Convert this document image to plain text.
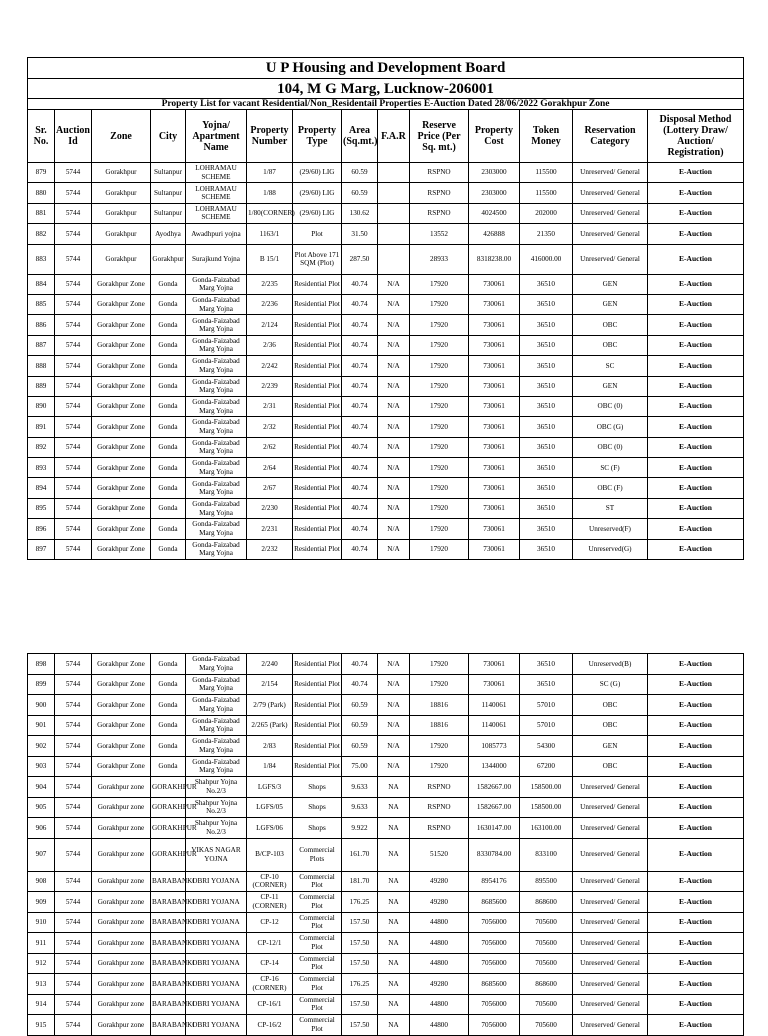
U P Housing and Development Board													
104, M G Marg, Lucknow-206001													
Property List for vacant Residential/Non_Residentail Properties E-Auction Dated 28/06/2022 Gorakhpur Zone													
Sr. No.	Auction Id	Zone	City	Yojna/ Apartment Name	Property Number	Property Type	Area (Sq.mt.)	F.A.R	Reserve Price (Per Sq. mt.)	Property Cost	Token Money	Reservation Category	Disposal Method (Lottery Draw/ Auction/ Registration)
879	5744	Gorakhpur	Sultanpur	LOHRAMAU SCHEME	1/87	(29/60) LIG	60.59		RSPNO	2303000	115500	Unreserved/ General	E-Auction
880	5744	Gorakhpur	Sultanpur	LOHRAMAU SCHEME	1/88	(29/60) LIG	60.59		RSPNO	2303000	115500	Unreserved/ General	E-Auction
881	5744	Gorakhpur	Sultanpur	LOHRAMAU SCHEME	1/80(CORNER)	(29/60) LIG	130.62		RSPNO	4024500	202000	Unreserved/ General	E-Auction
882	5744	Gorakhpur	Ayodhya	Awadhpuri yojna	1163/1	Plot	31.50		13552	426888	21350	Unreserved/ General	E-Auction
883	5744	Gorakhpur	Gorakhpur	Surajkund Yojna	B 15/1	Plot Above 171 SQM (Plot)	287.50		28933	8318238.00	416000.00	Unreserved/ General	E-Auction
884	5744	Gorakhpur Zone	Gonda	Gonda-Faizabad Marg Yojna	2/235	Residential Plot	40.74	N/A	17920	730061	36510	GEN	E-Auction
885	5744	Gorakhpur Zone	Gonda	Gonda-Faizabad Marg Yojna	2/236	Residential Plot	40.74	N/A	17920	730061	36510	GEN	E-Auction
886	5744	Gorakhpur Zone	Gonda	Gonda-Faizabad Marg Yojna	2/124	Residential Plot	40.74	N/A	17920	730061	36510	OBC	E-Auction
887	5744	Gorakhpur Zone	Gonda	Gonda-Faizabad Marg Yojna	2/36	Residential Plot	40.74	N/A	17920	730061	36510	OBC	E-Auction
888	5744	Gorakhpur Zone	Gonda	Gonda-Faizabad Marg Yojna	2/242	Residential Plot	40.74	N/A	17920	730061	36510	SC	E-Auction
889	5744	Gorakhpur Zone	Gonda	Gonda-Faizabad Marg Yojna	2/239	Residential Plot	40.74	N/A	17920	730061	36510	GEN	E-Auction
890	5744	Gorakhpur Zone	Gonda	Gonda-Faizabad Marg Yojna	2/31	Residential Plot	40.74	N/A	17920	730061	36510	OBC (0)	E-Auction
891	5744	Gorakhpur Zone	Gonda	Gonda-Faizabad Marg Yojna	2/32	Residential Plot	40.74	N/A	17920	730061	36510	OBC (G)	E-Auction
892	5744	Gorakhpur Zone	Gonda	Gonda-Faizabad Marg Yojna	2/62	Residential Plot	40.74	N/A	17920	730061	36510	OBC (0)	E-Auction
893	5744	Gorakhpur Zone	Gonda	Gonda-Faizabad Marg Yojna	2/64	Residential Plot	40.74	N/A	17920	730061	36510	SC (F)	E-Auction
894	5744	Gorakhpur Zone	Gonda	Gonda-Faizabad Marg Yojna	2/67	Residential Plot	40.74	N/A	17920	730061	36510	OBC (F)	E-Auction
895	5744	Gorakhpur Zone	Gonda	Gonda-Faizabad Marg Yojna	2/230	Residential Plot	40.74	N/A	17920	730061	36510	ST	E-Auction
896	5744	Gorakhpur Zone	Gonda	Gonda-Faizabad Marg Yojna	2/231	Residential Plot	40.74	N/A	17920	730061	36510	Unreserved(F)	E-Auction
897	5744	Gorakhpur Zone	Gonda	Gonda-Faizabad Marg Yojna	2/232	Residential Plot	40.74	N/A	17920	730061	36510	Unreserved(G)	E-Auction
898	5744	Gorakhpur Zone	Gonda	Gonda-Faizabad Marg Yojna	2/240	Residential Plot	40.74	N/A	17920	730061	36510	Unreserved(B)	E-Auction
899	5744	Gorakhpur Zone	Gonda	Gonda-Faizabad Marg Yojna	2/154	Residential Plot	40.74	N/A	17920	730061	36510	SC (G)	E-Auction
900	5744	Gorakhpur Zone	Gonda	Gonda-Faizabad Marg Yojna	2/79 (Park)	Residential Plot	60.59	N/A	18816	1140061	57010	OBC	E-Auction
901	5744	Gorakhpur Zone	Gonda	Gonda-Faizabad Marg Yojna	2/265 (Park)	Residential Plot	60.59	N/A	18816	1140061	57010	OBC	E-Auction
902	5744	Gorakhpur Zone	Gonda	Gonda-Faizabad Marg Yojna	2/83	Residential Plot	60.59	N/A	17920	1085773	54300	GEN	E-Auction
903	5744	Gorakhpur Zone	Gonda	Gonda-Faizabad Marg Yojna	1/84	Residential Plot	75.00	N/A	17920	1344000	67200	OBC	E-Auction
904	5744	Gorakhpur zone	GORAKHPUR	Shahpur Yojna No.2/3	LGFS/3	Shops	9.633	NA	RSPNO	1582667.00	158500.00	Unreserved/ General	E-Auction
905	5744	Gorakhpur zone	GORAKHPUR	Shahpur Yojna No.2/3	LGFS/05	Shops	9.633	NA	RSPNO	1582667.00	158500.00	Unreserved/ General	E-Auction
906	5744	Gorakhpur zone	GORAKHPUR	Shahpur Yojna No.2/3	LGFS/06	Shops	9.922	NA	RSPNO	1630147.00	163100.00	Unreserved/ General	E-Auction
907	5744	Gorakhpur zone	GORAKHPUR	VIKAS NAGAR YOJNA	B/CP-103	Commercial Plots	161.70	NA	51520	8330784.00	833100	Unreserved/ General	E-Auction
908	5744	Gorakhpur zone	BARABANKI	OBRI YOJANA	CP-10 (CORNER)	Commercial Plot	181.70	NA	49280	8954176	895500	Unreserved/ General	E-Auction
909	5744	Gorakhpur zone	BARABANKI	OBRI YOJANA	CP-11 (CORNER)	Commercial Plot	176.25	NA	49280	8685600	868600	Unreserved/ General	E-Auction
910	5744	Gorakhpur zone	BARABANKI	OBRI YOJANA	CP-12	Commercial Plot	157.50	NA	44800	7056000	705600	Unreserved/ General	E-Auction
911	5744	Gorakhpur zone	BARABANKI	OBRI YOJANA	CP-12/1	Commercial Plot	157.50	NA	44800	7056000	705600	Unreserved/ General	E-Auction
912	5744	Gorakhpur zone	BARABANKI	OBRI YOJANA	CP-14	Commercial Plot	157.50	NA	44800	7056000	705600	Unreserved/ General	E-Auction
913	5744	Gorakhpur zone	BARABANKI	OBRI YOJANA	CP-16 (CORNER)	Commercial Plot	176.25	NA	49280	8685600	868600	Unreserved/ General	E-Auction
914	5744	Gorakhpur zone	BARABANKI	OBRI YOJANA	CP-16/1	Commercial Plot	157.50	NA	44800	7056000	705600	Unreserved/ General	E-Auction
915	5744	Gorakhpur zone	BARABANKI	OBRI YOJANA	CP-16/2	Commercial Plot	157.50	NA	44800	7056000	705600	Unreserved/ General	E-Auction
